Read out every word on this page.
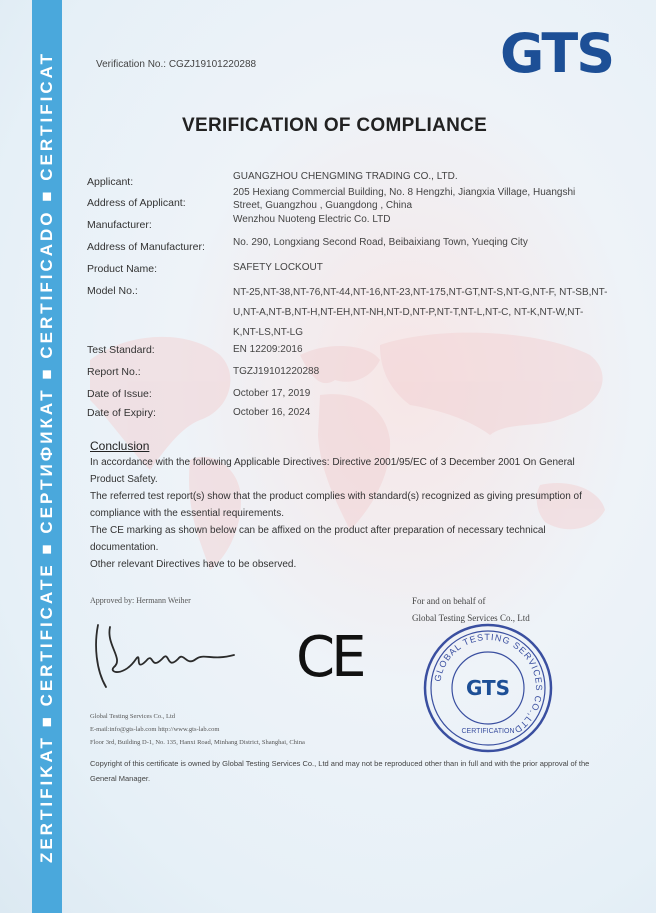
ZERTIFIKAT ■ CERTIFICATE ■ СЕРТИФИКАТ ■ CERTIFICADO ■ CERTIFICAT	Verification No.: CGZJ19101220288	GTS
VERIFICATION OF COMPLIANCE
Applicant:	GUANGZHOU CHENGMING TRADING CO., LTD.
Address of Applicant:
205 Hexiang Commercial Building, No. 8 Hengzhi, Jiangxia Village, Huangshi Street, Guangzhou , Guangdong , China
Manufacturer:	Wenzhou Nuoteng Electric Co. LTD
Address of Manufacturer:	No. 290, Longxiang Second Road, Beibaixiang Town, Yueqing City
Product Name:	SAFETY LOCKOUT
Model No.:	NT-25,NT-38,NT-76,NT-44,NT-16,NT-23,NT-175,NT-GT,NT-S,NT-G,NT-F, NT-SB,NT-U,NT-A,NT-B,NT-H,NT-EH,NT-NH,NT-D,NT-P,NT-T,NT-L,NT-C, NT-K,NT-W,NT-K,NT-LS,NT-LG
Test Standard:	EN 12209:2016
Report No.:	TGZJ19101220288
Date of Issue:	October 17, 2019
Date of Expiry:	October 16, 2024
Conclusion
In accordance with the following Applicable Directives: Directive 2001/95/EC of 3 December 2001 On General Product Safety.
The referred test report(s) show that the product complies with standard(s) recognized as giving presumption of compliance with the essential requirements.
The CE marking as shown below can be affixed on the product after preparation of necessary technical documentation.
Other relevant Directives have to be observed.
Approved by: Hermann Weiher
CE
For and on behalf of
Global Testing Services Co., Ltd
GLOBAL TESTING SERVICES CO.,LTD
CERTIFICATION
GTS
Global Testing Services Co., Ltd
E-mail:info@gts-lab.com http://www.gts-lab.com
Floor 3rd, Building D-1, No. 135, Hanxi Road, Minhang District, Shanghai, China
Copyright of this certificate is owned by Global Testing Services Co., Ltd and may not be reproduced other than in full and with the prior approval of the General Manager.
